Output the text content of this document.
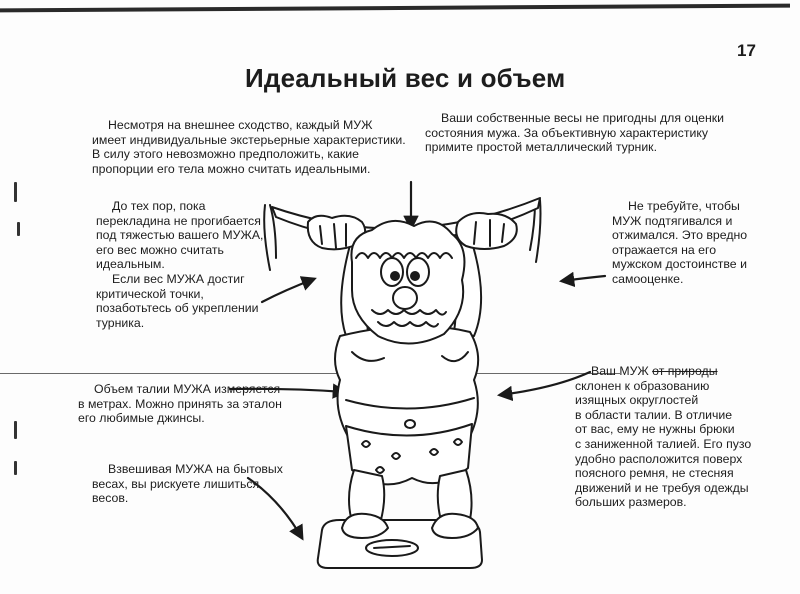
17
Идеальный вес и объем
Несмотря на внешнее сходство, каждый МУЖ
имеет индивидуальные экстерьерные характеристики.
В силу этого невозможно предположить, какие
пропорции его тела можно считать идеальными.
Ваши собственные весы не пригодны для оценки
состояния мужа. За объективную характеристику
примите простой металлический турник.
До тех пор, пока
перекладина не прогибается
под тяжестью вашего МУЖА,
его вес можно считать
идеальным.
Если вес МУЖА достиг
критической точки,
позаботьтесь об укреплении
турника.
Не требуйте, чтобы
МУЖ подтягивался и
отжимался. Это вредно
отражается на его
мужском достоинстве и
самооценке.
Объем талии МУЖА измеряется
в метрах. Можно принять за эталон
его любимые джинсы.
Ваш МУЖ от природы
склонен к образованию
изящных округлостей
в области талии. В отличие
от вас, ему не нужны брюки
с заниженной талией. Его пузо
удобно расположится поверх
поясного ремня, не стесняя
движений и не требуя одежды
больших размеров.
Взвешивая МУЖА на бытовых
весах, вы рискуете лишиться
весов.
